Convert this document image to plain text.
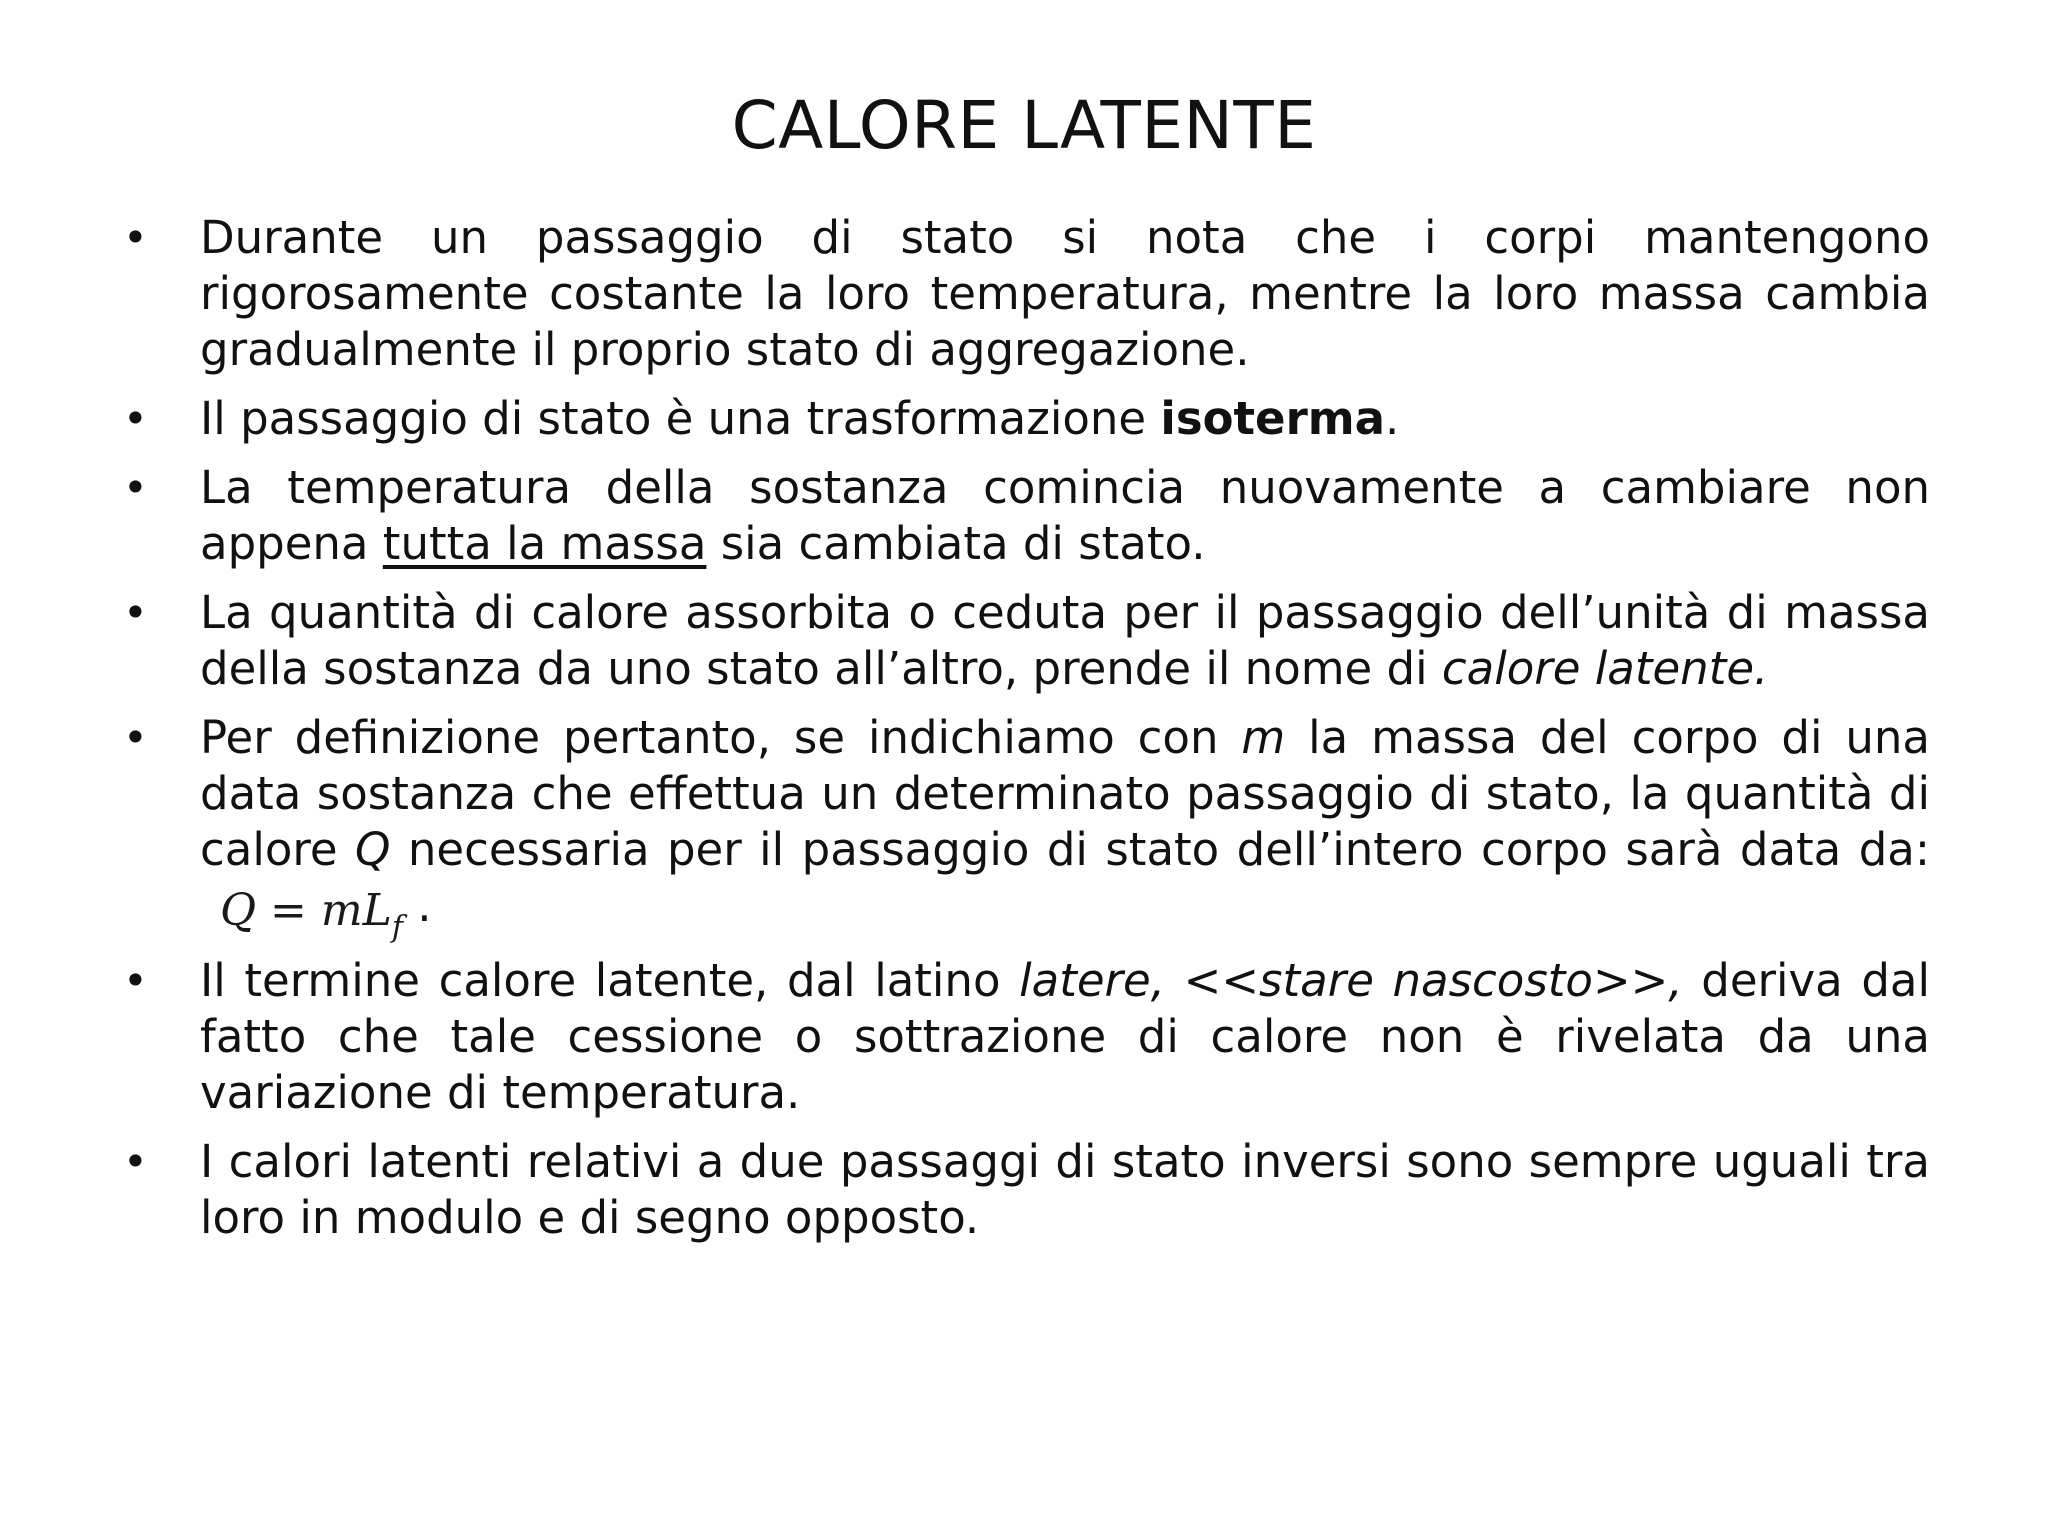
CALORE LATENTE
• Durante un passaggio di stato si nota che i corpi mantengono rigorosamente costante la loro temperatura, mentre la loro massa cambia gradualmente il proprio stato di aggregazione.
• Il passaggio di stato è una trasformazione isoterma.
• La temperatura della sostanza comincia nuovamente a cambiare non appena tutta la massa sia cambiata di stato.
• La quantità di calore assorbita o ceduta per il passaggio dell’unità di massa della sostanza da uno stato all’altro, prende il nome di calore latente.
• Per definizione pertanto, se indichiamo con m la massa del corpo di una data sostanza che effettua un determinato passaggio di stato, la quantità di calore Q necessaria per il passaggio di stato dell’intero corpo sarà data da:Q = $mL_f$ .
• Il termine calore latente, dal latino latere, <<stare nascosto>>, deriva dal fatto che tale cessione o sottrazione di calore non è rivelata da una variazione di temperatura.
• I calori latenti relativi a due passaggi di stato inversi sono sempre uguali tra loro in modulo e di segno opposto.
